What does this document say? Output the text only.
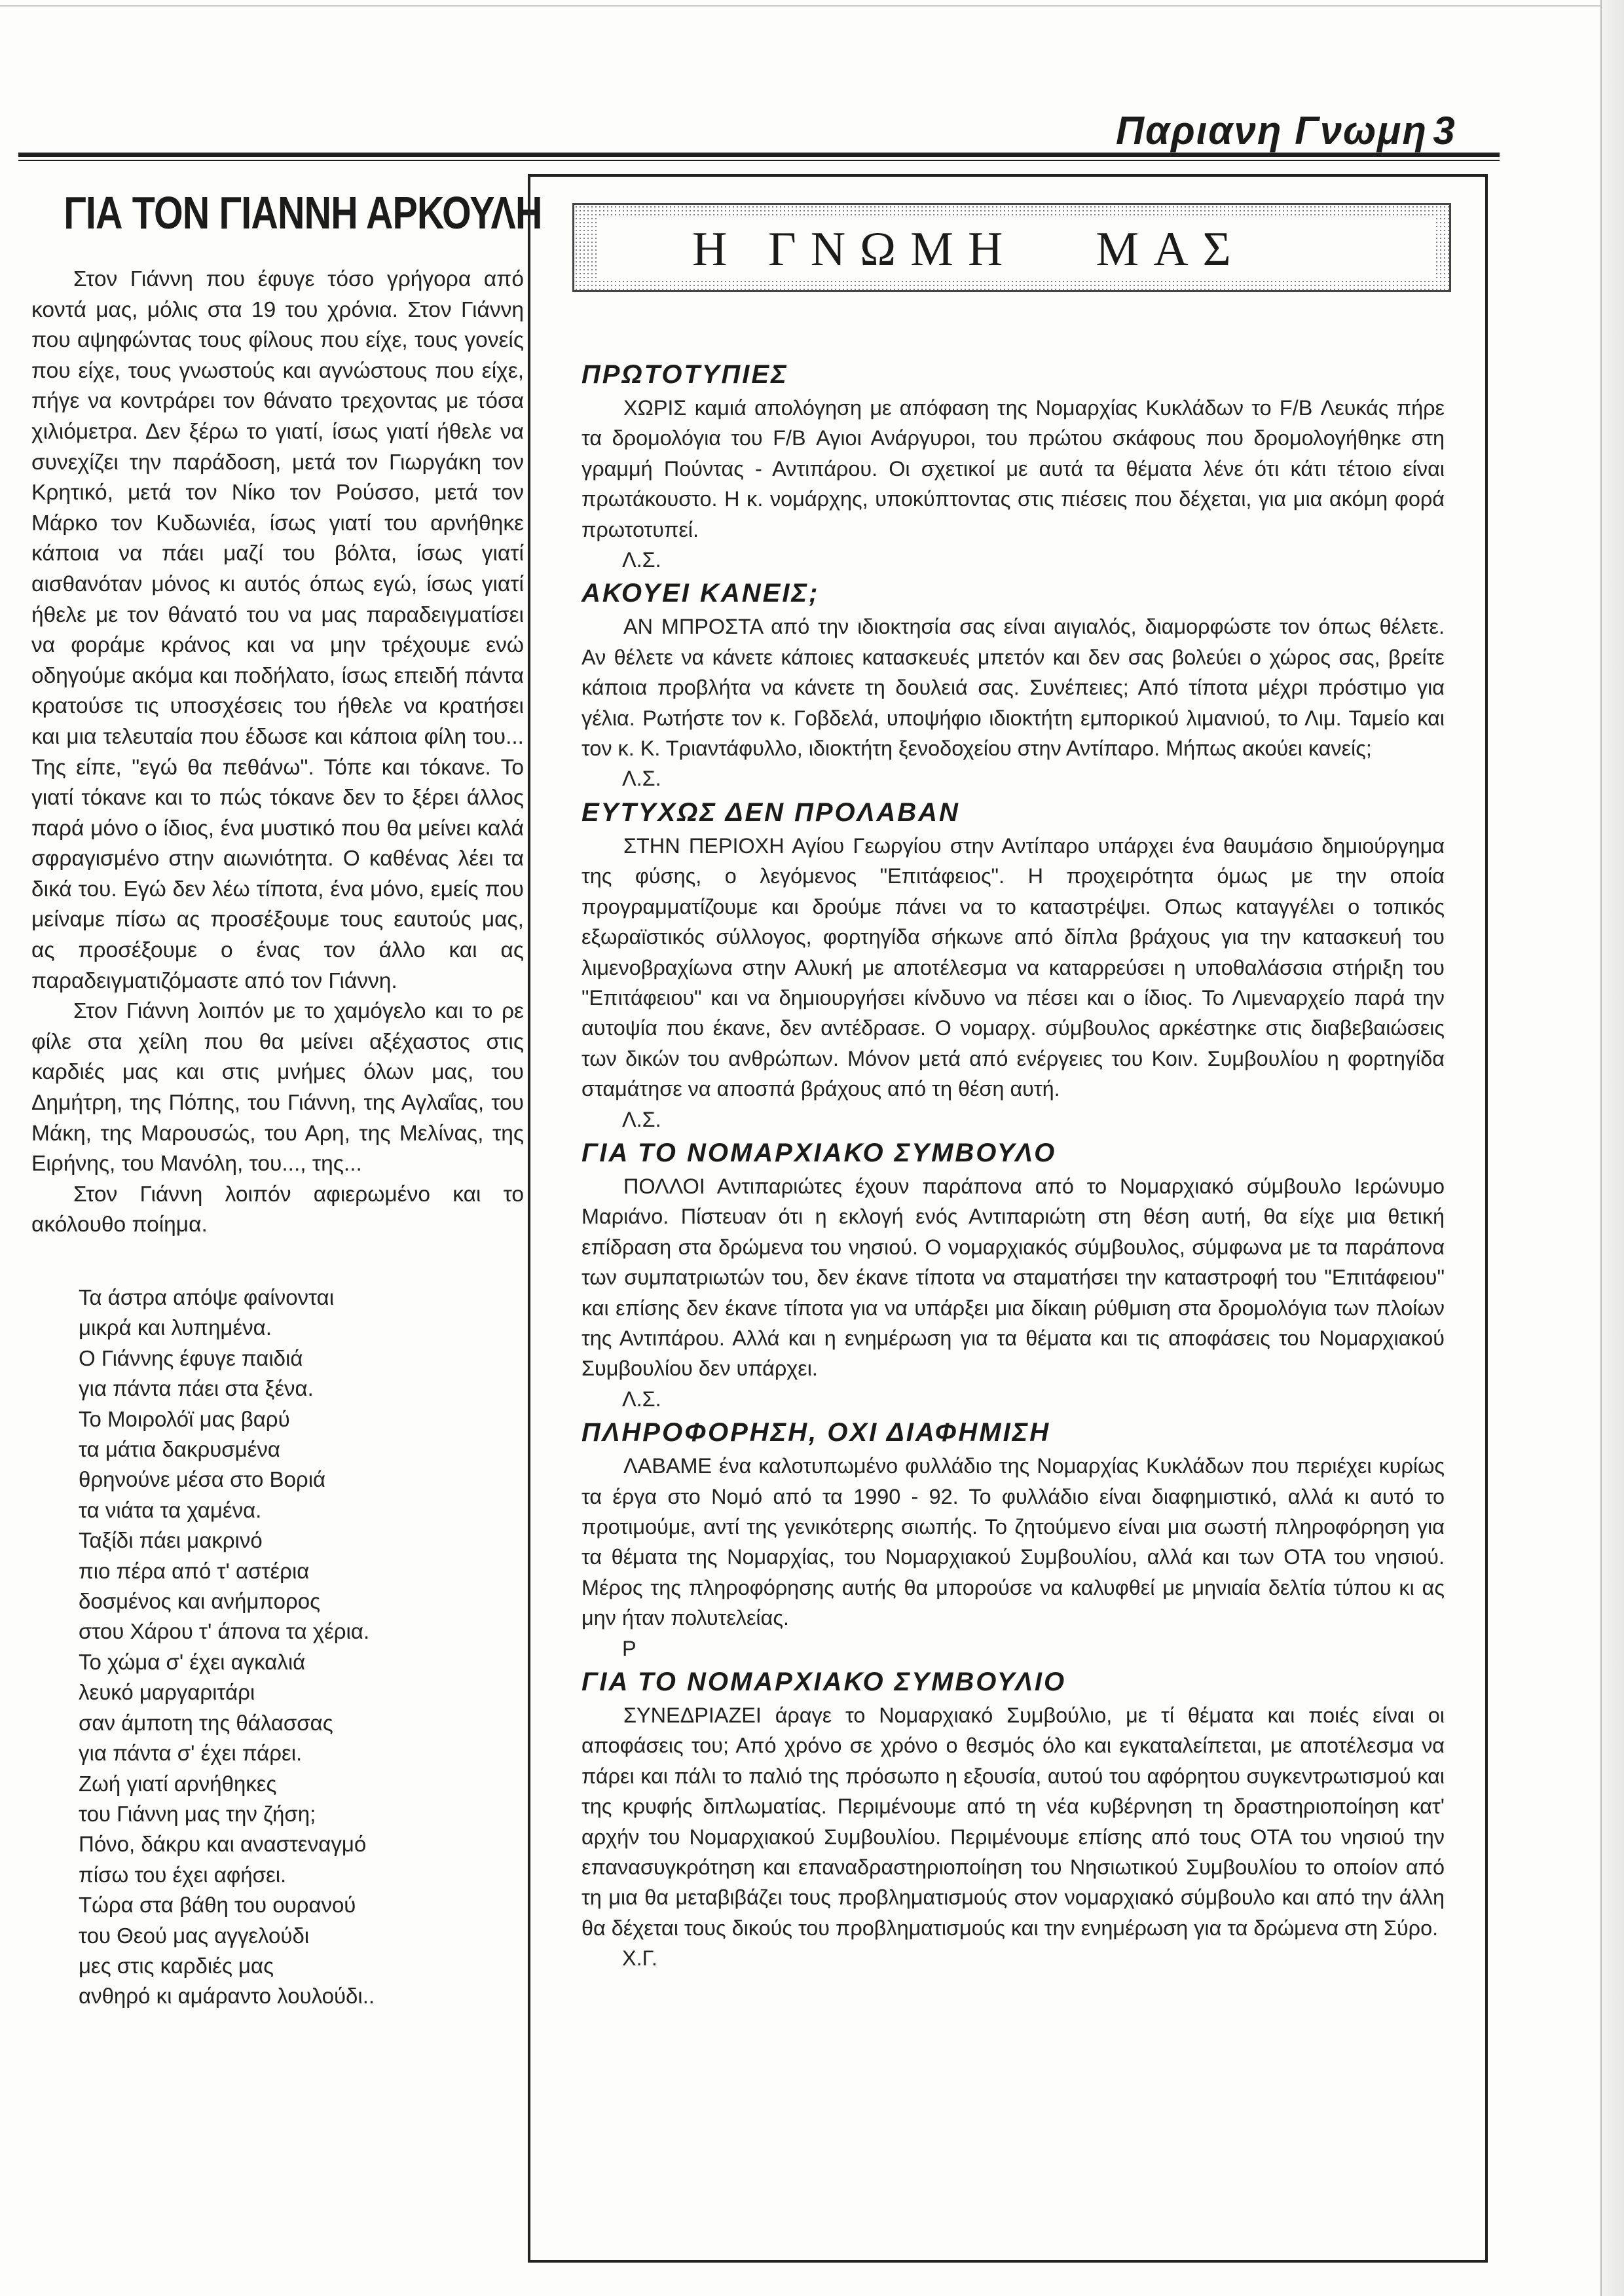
Παριανη Γνωμη 3
ΓΙΑ ΤΟΝ ΓΙΑΝΝΗ ΑΡΚΟΥΛΗ

Στον Γιάννη που έφυγε τόσο γρήγορα από κοντά μας, μόλις στα 19 του χρόνια. Στον Γιάννη που αψηφώντας τους φίλους που είχε, τους γονείς που είχε, τους γνωστούς και αγνώστους που είχε, πήγε να κοντράρει τον θάνατο τρεχοντας με τόσα χιλιόμετρα. Δεν ξέρω το γιατί, ίσως γιατί ήθελε να συνεχίζει την παράδοση, μετά τον Γιωργάκη τον Κρητικό, μετά τον Νίκο τον Ρούσσο, μετά τον Μάρκο τον Κυδωνιέα, ίσως γιατί του αρνήθηκε κάποια να πάει μαζί του βόλτα, ίσως γιατί αισθανόταν μόνος κι αυτός όπως εγώ, ίσως γιατί ήθελε με τον θάνατό του να μας παραδειγματίσει να φοράμε κράνος και να μην τρέχουμε ενώ οδηγούμε ακόμα και ποδήλατο, ίσως επειδή πάντα κρατούσε τις υποσχέσεις του ήθελε να κρατήσει και μια τελευταία που έδωσε και κάποια φίλη του... Της είπε, "εγώ θα πεθάνω". Τόπε και τόκανε. Το γιατί τόκανε και το πώς τόκανε δεν το ξέρει άλλος παρά μόνο ο ίδιος, ένα μυστικό που θα μείνει καλά σφραγισμένο στην αιωνιότητα. Ο καθένας λέει τα δικά του. Εγώ δεν λέω τίποτα, ένα μόνο, εμείς που μείναμε πίσω ας προσέξουμε τους εαυτούς μας, ας προσέξουμε ο ένας τον άλλο και ας παραδειγματιζόμαστε από τον Γιάννη.

Στον Γιάννη λοιπόν με το χαμόγελο και το ρε φίλε στα χείλη που θα μείνει αξέχαστος στις καρδιές μας και στις μνήμες όλων μας, του Δημήτρη, της Πόπης, του Γιάννη, της Αγλαΐας, του Μάκη, της Μαρουσώς, του Αρη, της Μελίνας, της Ειρήνης, του Μανόλη, του..., της...

Στον Γιάννη λοιπόν αφιερωμένο και το ακόλουθο ποίημα.

Τα άστρα απόψε φαίνονται
μικρά και λυπημένα.
Ο Γιάννης έφυγε παιδιά
για πάντα πάει στα ξένα.
Το Μοιρολόϊ μας βαρύ
τα μάτια δακρυσμένα
θρηνούνε μέσα στο Βοριά
τα νιάτα τα χαμένα.
Ταξίδι πάει μακρινό
πιο πέρα από τ' αστέρια
δοσμένος και ανήμπορος
στου Χάρου τ' άπονα τα χέρια.
Το χώμα σ' έχει αγκαλιά
λευκό μαργαριτάρι
σαν άμποτη της θάλασσας
για πάντα σ' έχει πάρει.
Ζωή γιατί αρνήθηκες
του Γιάννη μας την ζήση;
Πόνο, δάκρυ και αναστεναγμό
πίσω του έχει αφήσει.
Τώρα στα βάθη του ουρανού
του Θεού μας αγγελούδι
μες στις καρδιές μας
ανθηρό κι αμάραντο λουλούδι..
Η ΓΝΩΜΗ ΜΑΣ
ΠΡΩΤΟΤΥΠΙΕΣ

ΧΩΡΙΣ καμιά απολόγηση με απόφαση της Νομαρχίας Κυκλάδων το F/B Λευκάς πήρε τα δρομολόγια του F/B Αγιοι Ανάργυροι, του πρώτου σκάφους που δρομολογήθηκε στη γραμμή Πούντας - Αντιπάρου. Οι σχετικοί με αυτά τα θέματα λένε ότι κάτι τέτοιο είναι πρωτάκουστο. Η κ. νομάρχης, υποκύπτοντας στις πιέσεις που δέχεται, για μια ακόμη φορά πρωτοτυπεί.

Λ.Σ.
ΑΚΟΥΕΙ ΚΑΝΕΙΣ;

ΑΝ ΜΠΡΟΣΤΑ από την ιδιοκτησία σας είναι αιγιαλός, διαμορφώστε τον όπως θέλετε. Αν θέλετε να κάνετε κάποιες κατασκευές μπετόν και δεν σας βολεύει ο χώρος σας, βρείτε κάποια προβλήτα να κάνετε τη δουλειά σας. Συνέπειες; Από τίποτα μέχρι πρόστιμο για γέλια. Ρωτήστε τον κ. Γοβδελά, υποψήφιο ιδιοκτήτη εμπορικού λιμανιού, το Λιμ. Ταμείο και τον κ. Κ. Τριαντάφυλλο, ιδιοκτήτη ξενοδοχείου στην Αντίπαρο. Μήπως ακούει κανείς;

Λ.Σ.
ΕΥΤΥΧΩΣ ΔΕΝ ΠΡΟΛΑΒΑΝ

ΣΤΗΝ ΠΕΡΙΟΧΗ Αγίου Γεωργίου στην Αντίπαρο υπάρχει ένα θαυμάσιο δημιούργημα της φύσης, ο λεγόμενος "Επιτάφειος". Η προχειρότητα όμως με την οποία προγραμματίζουμε και δρούμε πάνει να το καταστρέψει. Οπως καταγγέλει ο τοπικός εξωραϊστικός σύλλογος, φορτηγίδα σήκωνε από δίπλα βράχους για την κατασκευή του λιμενοβραχίωνα στην Αλυκή με αποτέλεσμα να καταρρεύσει η υποθαλάσσια στήριξη του "Επιτάφειου" και να δημιουργήσει κίνδυνο να πέσει και ο ίδιος. Το Λιμεναρχείο παρά την αυτοψία που έκανε, δεν αντέδρασε. Ο νομαρχ. σύμβουλος αρκέστηκε στις διαβεβαιώσεις των δικών του ανθρώπων. Μόνον μετά από ενέργειες του Κοιν. Συμβουλίου η φορτηγίδα σταμάτησε να αποσπά βράχους από τη θέση αυτή.

Λ.Σ.
ΓΙΑ ΤΟ ΝΟΜΑΡΧΙΑΚΟ ΣΥΜΒΟΥΛΟ

ΠΟΛΛΟΙ Αντιπαριώτες έχουν παράπονα από το Νομαρχιακό σύμβουλο Ιερώνυμο Μαριάνο. Πίστευαν ότι η εκλογή ενός Αντιπαριώτη στη θέση αυτή, θα είχε μια θετική επίδραση στα δρώμενα του νησιού. Ο νομαρχιακός σύμβουλος, σύμφωνα με τα παράπονα των συμπατριωτών του, δεν έκανε τίποτα να σταματήσει την καταστροφή του "Επιτάφειου" και επίσης δεν έκανε τίποτα για να υπάρξει μια δίκαιη ρύθμιση στα δρομολόγια των πλοίων της Αντιπάρου. Αλλά και η ενημέρωση για τα θέματα και τις αποφάσεις του Νομαρχιακού Συμβουλίου δεν υπάρχει.

Λ.Σ.
ΠΛΗΡΟΦΟΡΗΣΗ, ΟΧΙ ΔΙΑΦΗΜΙΣΗ

ΛΑΒΑΜΕ ένα καλοτυπωμένο φυλλάδιο της Νομαρχίας Κυκλάδων που περιέχει κυρίως τα έργα στο Νομό από τα 1990 - 92. Το φυλλάδιο είναι διαφημιστικό, αλλά κι αυτό το προτιμούμε, αντί της γενικότερης σιωπής. Το ζητούμενο είναι μια σωστή πληροφόρηση για τα θέματα της Νομαρχίας, του Νομαρχιακού Συμβουλίου, αλλά και των ΟΤΑ του νησιού. Μέρος της πληροφόρησης αυτής θα μπορούσε να καλυφθεί με μηνιαία δελτία τύπου κι ας μην ήταν πολυτελείας.

Ρ
ΓΙΑ ΤΟ ΝΟΜΑΡΧΙΑΚΟ ΣΥΜΒΟΥΛΙΟ

ΣΥΝΕΔΡΙΑΖΕΙ άραγε το Νομαρχιακό Συμβούλιο, με τί θέματα και ποιές είναι οι αποφάσεις του; Από χρόνο σε χρόνο ο θεσμός όλο και εγκαταλείπεται, με αποτέλεσμα να πάρει και πάλι το παλιό της πρόσωπο η εξουσία, αυτού του αφόρητου συγκεντρωτισμού και της κρυφής διπλωματίας. Περιμένουμε από τη νέα κυβέρνηση τη δραστηριοποίηση κατ' αρχήν του Νομαρχιακού Συμβουλίου. Περιμένουμε επίσης από τους ΟΤΑ του νησιού την επανασυγκρότηση και επαναδραστηριοποίηση του Νησιωτικού Συμβουλίου το οποίον από τη μια θα μεταβιβάζει τους προβληματισμούς στον νομαρχιακό σύμβουλο και από την άλλη θα δέχεται τους δικούς του προβληματισμούς και την ενημέρωση για τα δρώμενα στη Σύρο.

Χ.Γ.
